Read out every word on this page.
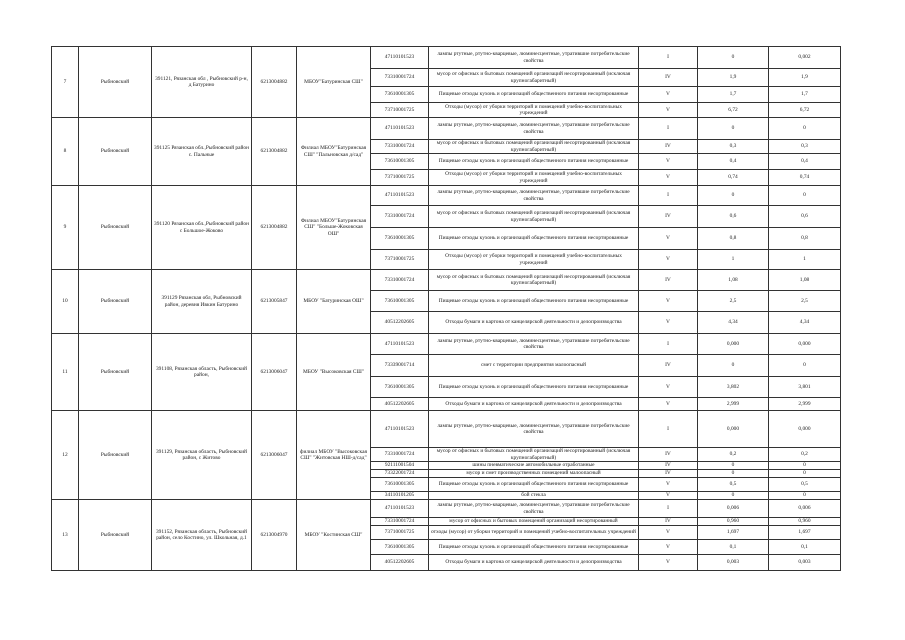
7	Рыбновский	391121, Рязанская обл , Рыбновский р-н, д Батурино	6213004882	МБОУ"Батуринская СШ"	47110101523	лампы ртутные, ртутно-кварцевые, люминесцентные, утратившие потребительские свойства	I	0	0,002
					73310001724	мусор от офисных и бытовых помещений организаций несортированный (исключая крупногабаритный)	IV	1,9	1,9
					73610001305	Пищевые отходы кухонь и организаций общественного питания несортированные	V	1,7	1,7
					73710001725	Отходы (мусор) от уборки территорий и помещений учебно-воспитательных учреждений	V	6,72	6,72
8	Рыбновский	391125 Рязанская обл.,Рыбновский район с. Пальные	6213004882	Филиал МБОУ"Батуринская СШ" "Пальновская д/сад"	47110101523	лампы ртутные, ртутно-кварцевые, люминесцентные, утратившие потребительские свойства	I	0	0
					73310001724	мусор от офисных и бытовых помещений организаций несортированный (исключая крупногабаритный)	IV	0,3	0,3
					73610001305	Пищевые отходы кухонь и организаций общественного питания несортированные	V	0,4	0,4
					73710001725	Отходы (мусор) от уборки территорий и помещений учебно-воспитательных учреждений	V	0,74	0,74
9	Рыбновский	391120 Рязанская обл.,Рыбновский район с Большое-Жоково	6213004882	Филиал МБОУ"Батуринская СШ" "Больше-Жоковская ОШ"	47110101523	лампы ртутные, ртутно-кварцевые, люминесцентные, утратившие потребительские свойства	I	0	0
					73310001724	мусор от офисных и бытовых помещений организаций несортированный (исключая крупногабаритный)	IV	0,6	0,6
					73610001305	Пищевые отходы кухонь и организаций общественного питания несортированные	V	0,8	0,8
					73710001725	Отходы (мусор) от уборки территорий и помещений учебно-воспитательных учреждений	V	1	1
10	Рыбновский	391129 Рязанская обл, Рыбновский район, деревня Ивкин Батурино	6213005847	МБОУ "Батуринская ОШ"	73310001724	мусор от офисных и бытовых помещений организаций несортированный (исключая крупногабаритный)	IV	1,08	1,08
					73610001305	Пищевые отходы кухонь и организаций общественного питания несортированные	V	2,5	2,5
					40512202605	Отходы бумаги и картона от канцелярской деятельности и делопроизводства	V	4,34	4,34
11	Рыбновский	391108, Рязанская область, Рыбновский район,	6213006047	МБОУ "Высоковская СШ"	47110101523	лампы ртутные, ртутно-кварцевые, люминесцентные, утратившие потребительские свойства	I	0,000	0,000
					73339001714	смет с территории предприятия малоопасный	IV	0	0
					73610001305	Пищевые отходы кухонь и организаций общественного питания несортированные	V	3,802	3,801
					40512202605	Отходы бумаги и картона от канцелярской деятельности и делопроизводства	V	2,999	2,999
12	Рыбновский	391129, Рязанская область, Рыбновский район, с Житово	6213006047	филиал МБОУ "Высоковская СШ" "Житовская НШ-д/сад"	47110101523	лампы ртутные, ртутно-кварцевые, люминесцентные, утратившие потребительские свойства	I	0,000	0,000
					73310001724	мусор от офисных и бытовых помещений организаций несортированный (исключая крупногабаритный)	IV	0,2	0,2
					92111001504	шины пневматические автомобильные отработанные	IV	0	0
					73322001724	мусор и смет производственных помещений малоопасный	IV	0	0
					73610001305	Пищевые отходы кухонь и организаций общественного питания несортированные	V	0,5	0,5
					34110101205	бой стекла	V	0	0
13	Рыбновский	391152, Рязанская область, Рыбновский район, село Костино, ул. Школьная, д.1	6213004970	МБОУ "Костинская СШ"	47110101523	лампы ртутные, ртутно-кварцевые, люминесцентные, утратившие потребительские свойства	I	0,006	0,006
					73310001724	мусор от офисных и бытовых помещений организаций несортированный	IV	0,960	0,960
					73710001725	отходы (мусор) от уборки территорий и помещений учебно-воспитательных учреждений	V	1,697	1,697
					73610001305	Пищевые отходы кухонь и организаций общественного питания несортированные	V	0,1	0,1
					40512202605	Отходы бумаги и картона от канцелярской деятельности и делопроизводства	V	0,003	0,003
